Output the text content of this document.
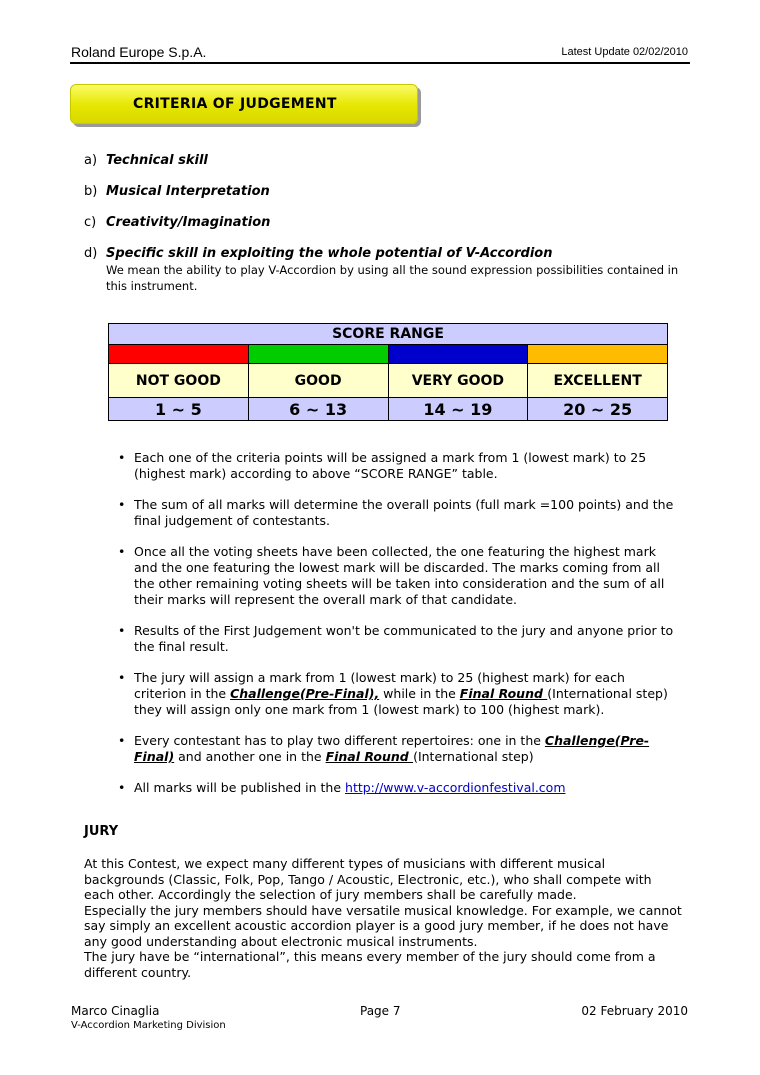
Roland Europe S.p.A.	Latest Update 02/02/2010
CRITERIA OF JUDGEMENT
a) Technical skill
b) Musical Interpretation
c) Creativity/Imagination
d) Specific skill in exploiting the whole potential of V-Accordion
We mean the ability to play V-Accordion by using all the sound expression possibilities contained in this instrument.
SCORE RANGE			

NOT GOOD	GOOD	VERY GOOD	EXCELLENT
1 ~ 5	6 ~ 13	14 ~ 19	20 ~ 25
• Each one of the criteria points will be assigned a mark from 1 (lowest mark) to 25 (highest mark) according to above “SCORE RANGE” table.
• The sum of all marks will determine the overall points (full mark =100 points) and the final judgement of contestants.
• Once all the voting sheets have been collected, the one featuring the highest mark and the one featuring the lowest mark will be discarded. The marks coming from all the other remaining voting sheets will be taken into consideration and the sum of all their marks will represent the overall mark of that candidate.
• Results of the First Judgement won't be communicated to the jury and anyone prior to the final result.
• The jury will assign a mark from 1 (lowest mark) to 25 (highest mark) for each criterion in the Challenge(Pre-Final), while in the Final Round (International step) they will assign only one mark from 1 (lowest mark) to 100 (highest mark).
• Every contestant has to play two different repertoires: one in the Challenge(Pre-Final) and another one in the Final Round (International step)
• All marks will be published in the http://www.v-accordionfestival.com
JURY
At this Contest, we expect many different types of musicians with different musical backgrounds (Classic, Folk, Pop, Tango / Acoustic, Electronic, etc.), who shall compete with each other. Accordingly the selection of jury members shall be carefully made.
Especially the jury members should have versatile musical knowledge. For example, we cannot say simply an excellent acoustic accordion player is a good jury member, if he does not have any good understanding about electronic musical instruments.
The jury have be “international”, this means every member of the jury should come from a different country.
Marco Cinaglia
V-Accordion Marketing Division
Page 7	02 February 2010
